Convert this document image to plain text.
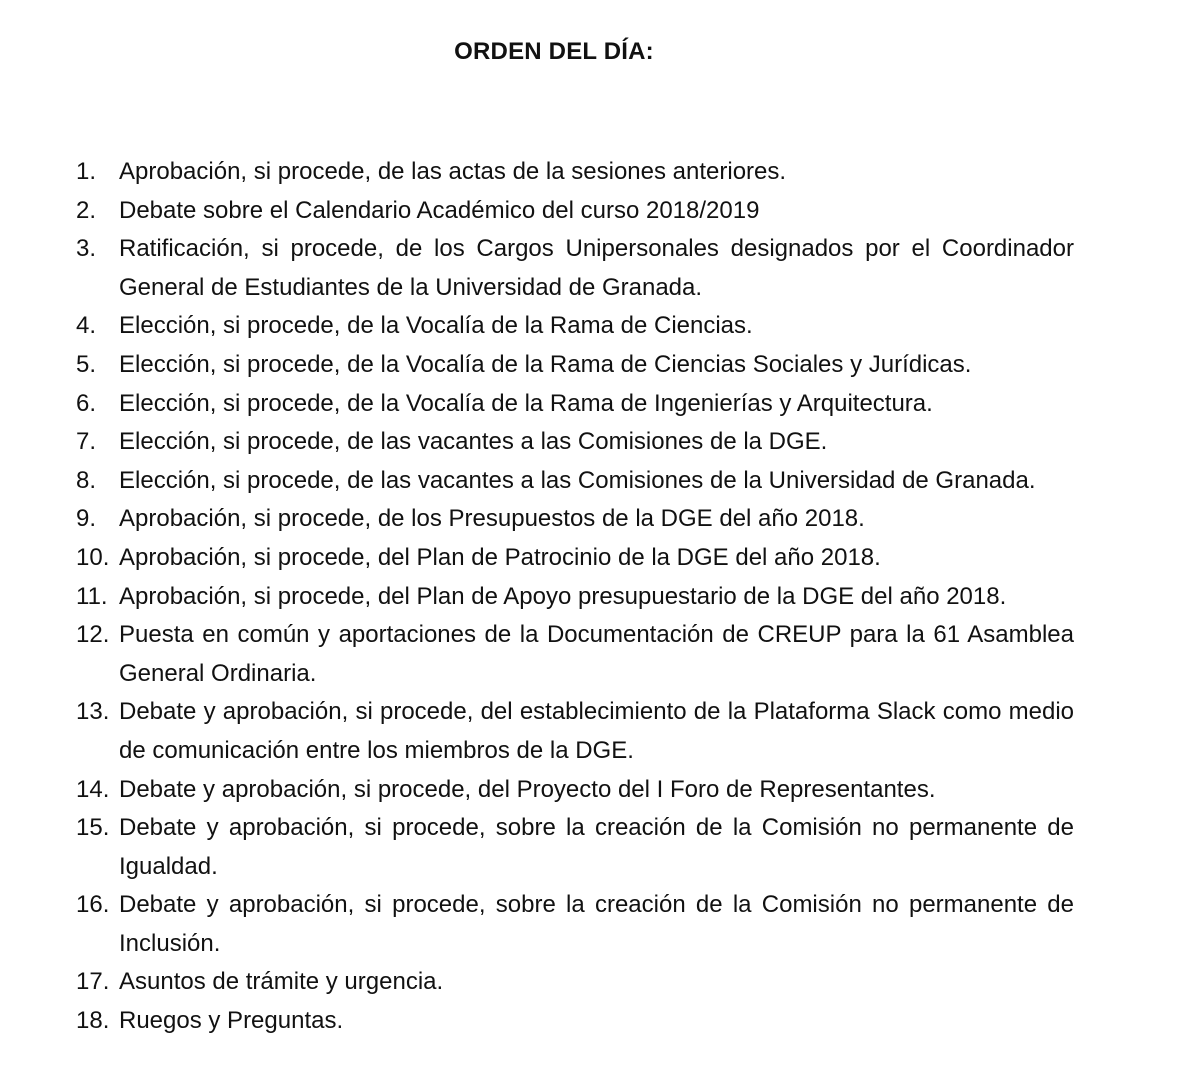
ORDEN DEL DÍA:
1. Aprobación, si procede, de las actas de la sesiones anteriores.
2. Debate sobre el Calendario Académico del curso 2018/2019
3. Ratificación, si procede, de los Cargos Unipersonales designados por el Coordinador General de Estudiantes de la Universidad de Granada.
4. Elección, si procede, de la Vocalía de la Rama de Ciencias.
5. Elección, si procede, de la Vocalía de la Rama de Ciencias Sociales y Jurídicas.
6. Elección, si procede, de la Vocalía de la Rama de Ingenierías y Arquitectura.
7. Elección, si procede, de las vacantes a las Comisiones de la DGE.
8. Elección, si procede, de las vacantes a las Comisiones de la Universidad de Granada.
9. Aprobación, si procede, de los Presupuestos de la DGE del año 2018.
10. Aprobación, si procede, del Plan de Patrocinio de la DGE del año 2018.
11. Aprobación, si procede, del Plan de Apoyo presupuestario de la DGE del año 2018.
12. Puesta en común y aportaciones de la Documentación de CREUP para la 61 Asamblea General Ordinaria.
13. Debate y aprobación, si procede, del establecimiento de la Plataforma Slack como medio de comunicación entre los miembros de la DGE.
14. Debate y aprobación, si procede, del Proyecto del I Foro de Representantes.
15. Debate y aprobación, si procede, sobre la creación de la Comisión no permanente de Igualdad.
16. Debate y aprobación, si procede, sobre la creación de la Comisión no permanente de Inclusión.
17. Asuntos de trámite y urgencia.
18. Ruegos y Preguntas.
